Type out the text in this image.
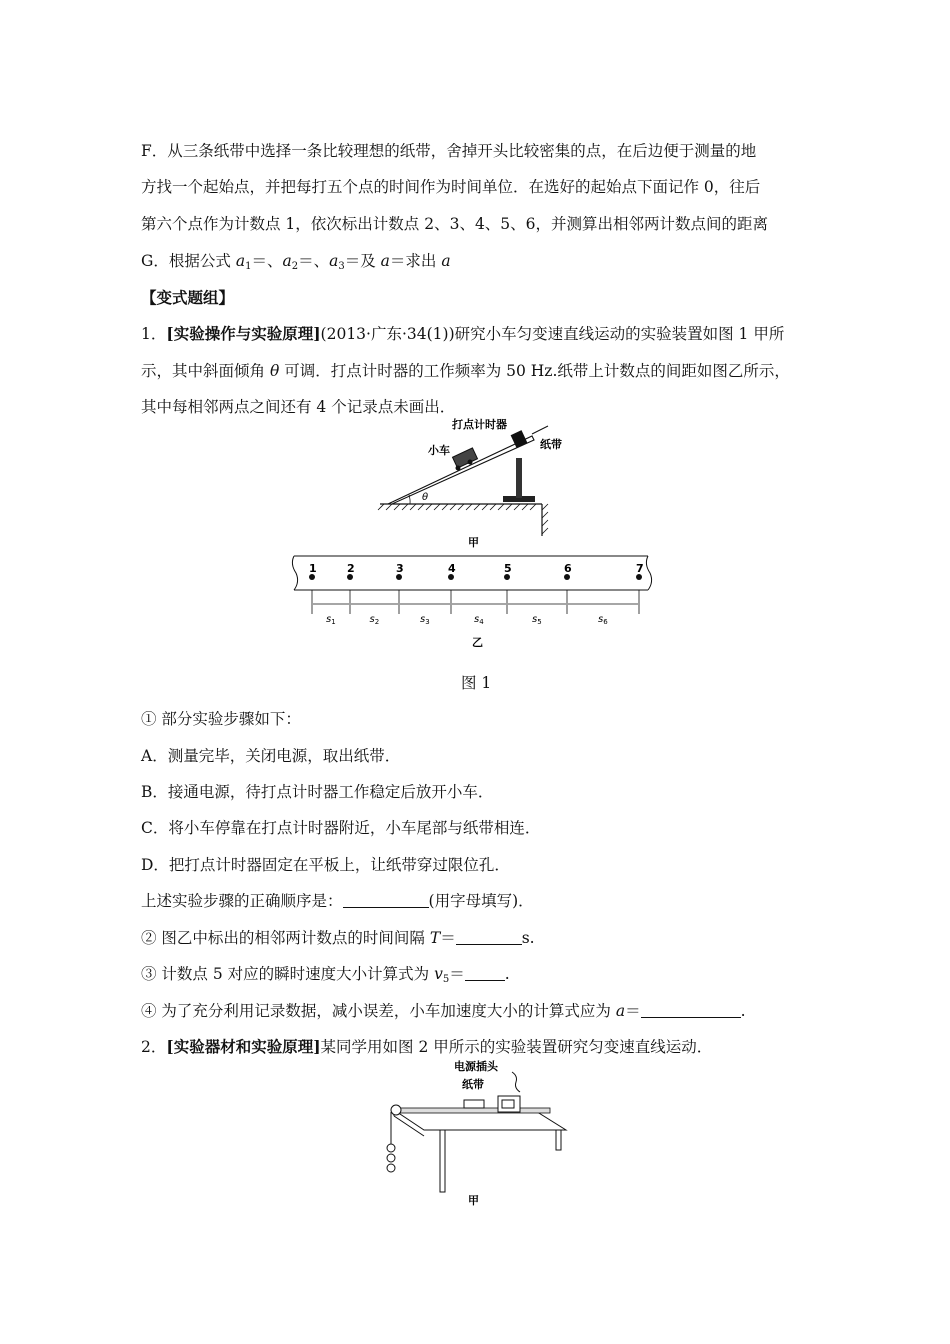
F．从三条纸带中选择一条比较理想的纸带，舍掉开头比较密集的点，在后边便于测量的地
方找一个起始点，并把每打五个点的时间作为时间单位．在选好的起始点下面记作 0，往后
第六个点作为计数点 1，依次标出计数点 2、3、4、5、6，并测算出相邻两计数点间的距离
G．根据公式 $a_1=$、$a_2=$、$a_3=$及 a＝求出 a
【变式题组】
1．[实验操作与实验原理](2013·广东·34(1))研究小车匀变速直线运动的实验装置如图 1 甲所
示，其中斜面倾角 θ 可调．打点计时器的工作频率为 50 Hz.纸带上计数点的间距如图乙所示，
其中每相邻两点之间还有 4 个记录点未画出．
θ
打点计时器
小车	纸带
甲
1	2	3	4	5	6	7
$s_1$	$s_2$	$s_3$	$s_4$	$s_5$	$s_6$
乙
图 1
① 部分实验步骤如下：
A．测量完毕，关闭电源，取出纸带．
B．接通电源，待打点计时器工作稳定后放开小车．
C．将小车停靠在打点计时器附近，小车尾部与纸带相连．
D．把打点计时器固定在平板上，让纸带穿过限位孔．
上述实验步骤的正确顺序是：	(用字母填写)．
② 图乙中标出的相邻两计数点的时间间隔 T＝	s.
③ 计数点 5 对应的瞬时速度大小计算式为 $v_5=$	.
④ 为了充分利用记录数据，减小误差，小车加速度大小的计算式应为 a＝	.
2．[实验器材和实验原理]某同学用如图 2 甲所示的实验装置研究匀变速直线运动．
电源插头
纸带
甲
